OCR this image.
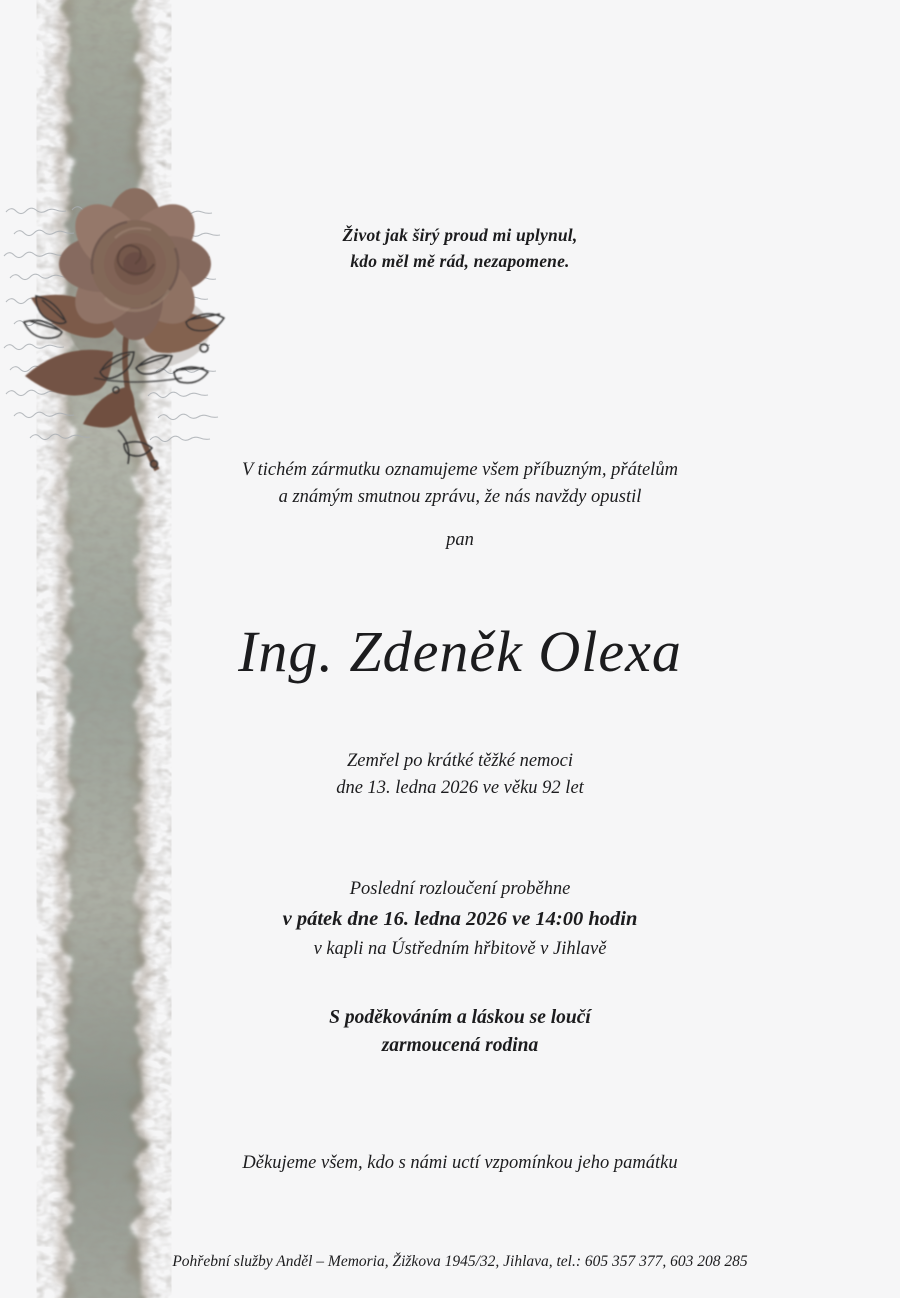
Život jak širý proud mi uplynul,
kdo měl mě rád, nezapomene.
V tichém zármutku oznamujeme všem příbuzným, přátelům
a známým smutnou zprávu, že nás navždy opustil
pan
Ing. Zdeněk Olexa
Zemřel po krátké těžké nemoci
dne 13. ledna 2026 ve věku 92 let
Poslední rozloučení proběhne
v pátek dne 16. ledna 2026 ve 14:00 hodin
v kapli na Ústředním hřbitově v Jihlavě
S poděkováním a láskou se loučí
zarmoucená rodina
Děkujeme všem, kdo s námi uctí vzpomínkou jeho památku
Pohřební služby Anděl – Memoria, Žižkova 1945/32, Jihlava, tel.: 605 357 377, 603 208 285
